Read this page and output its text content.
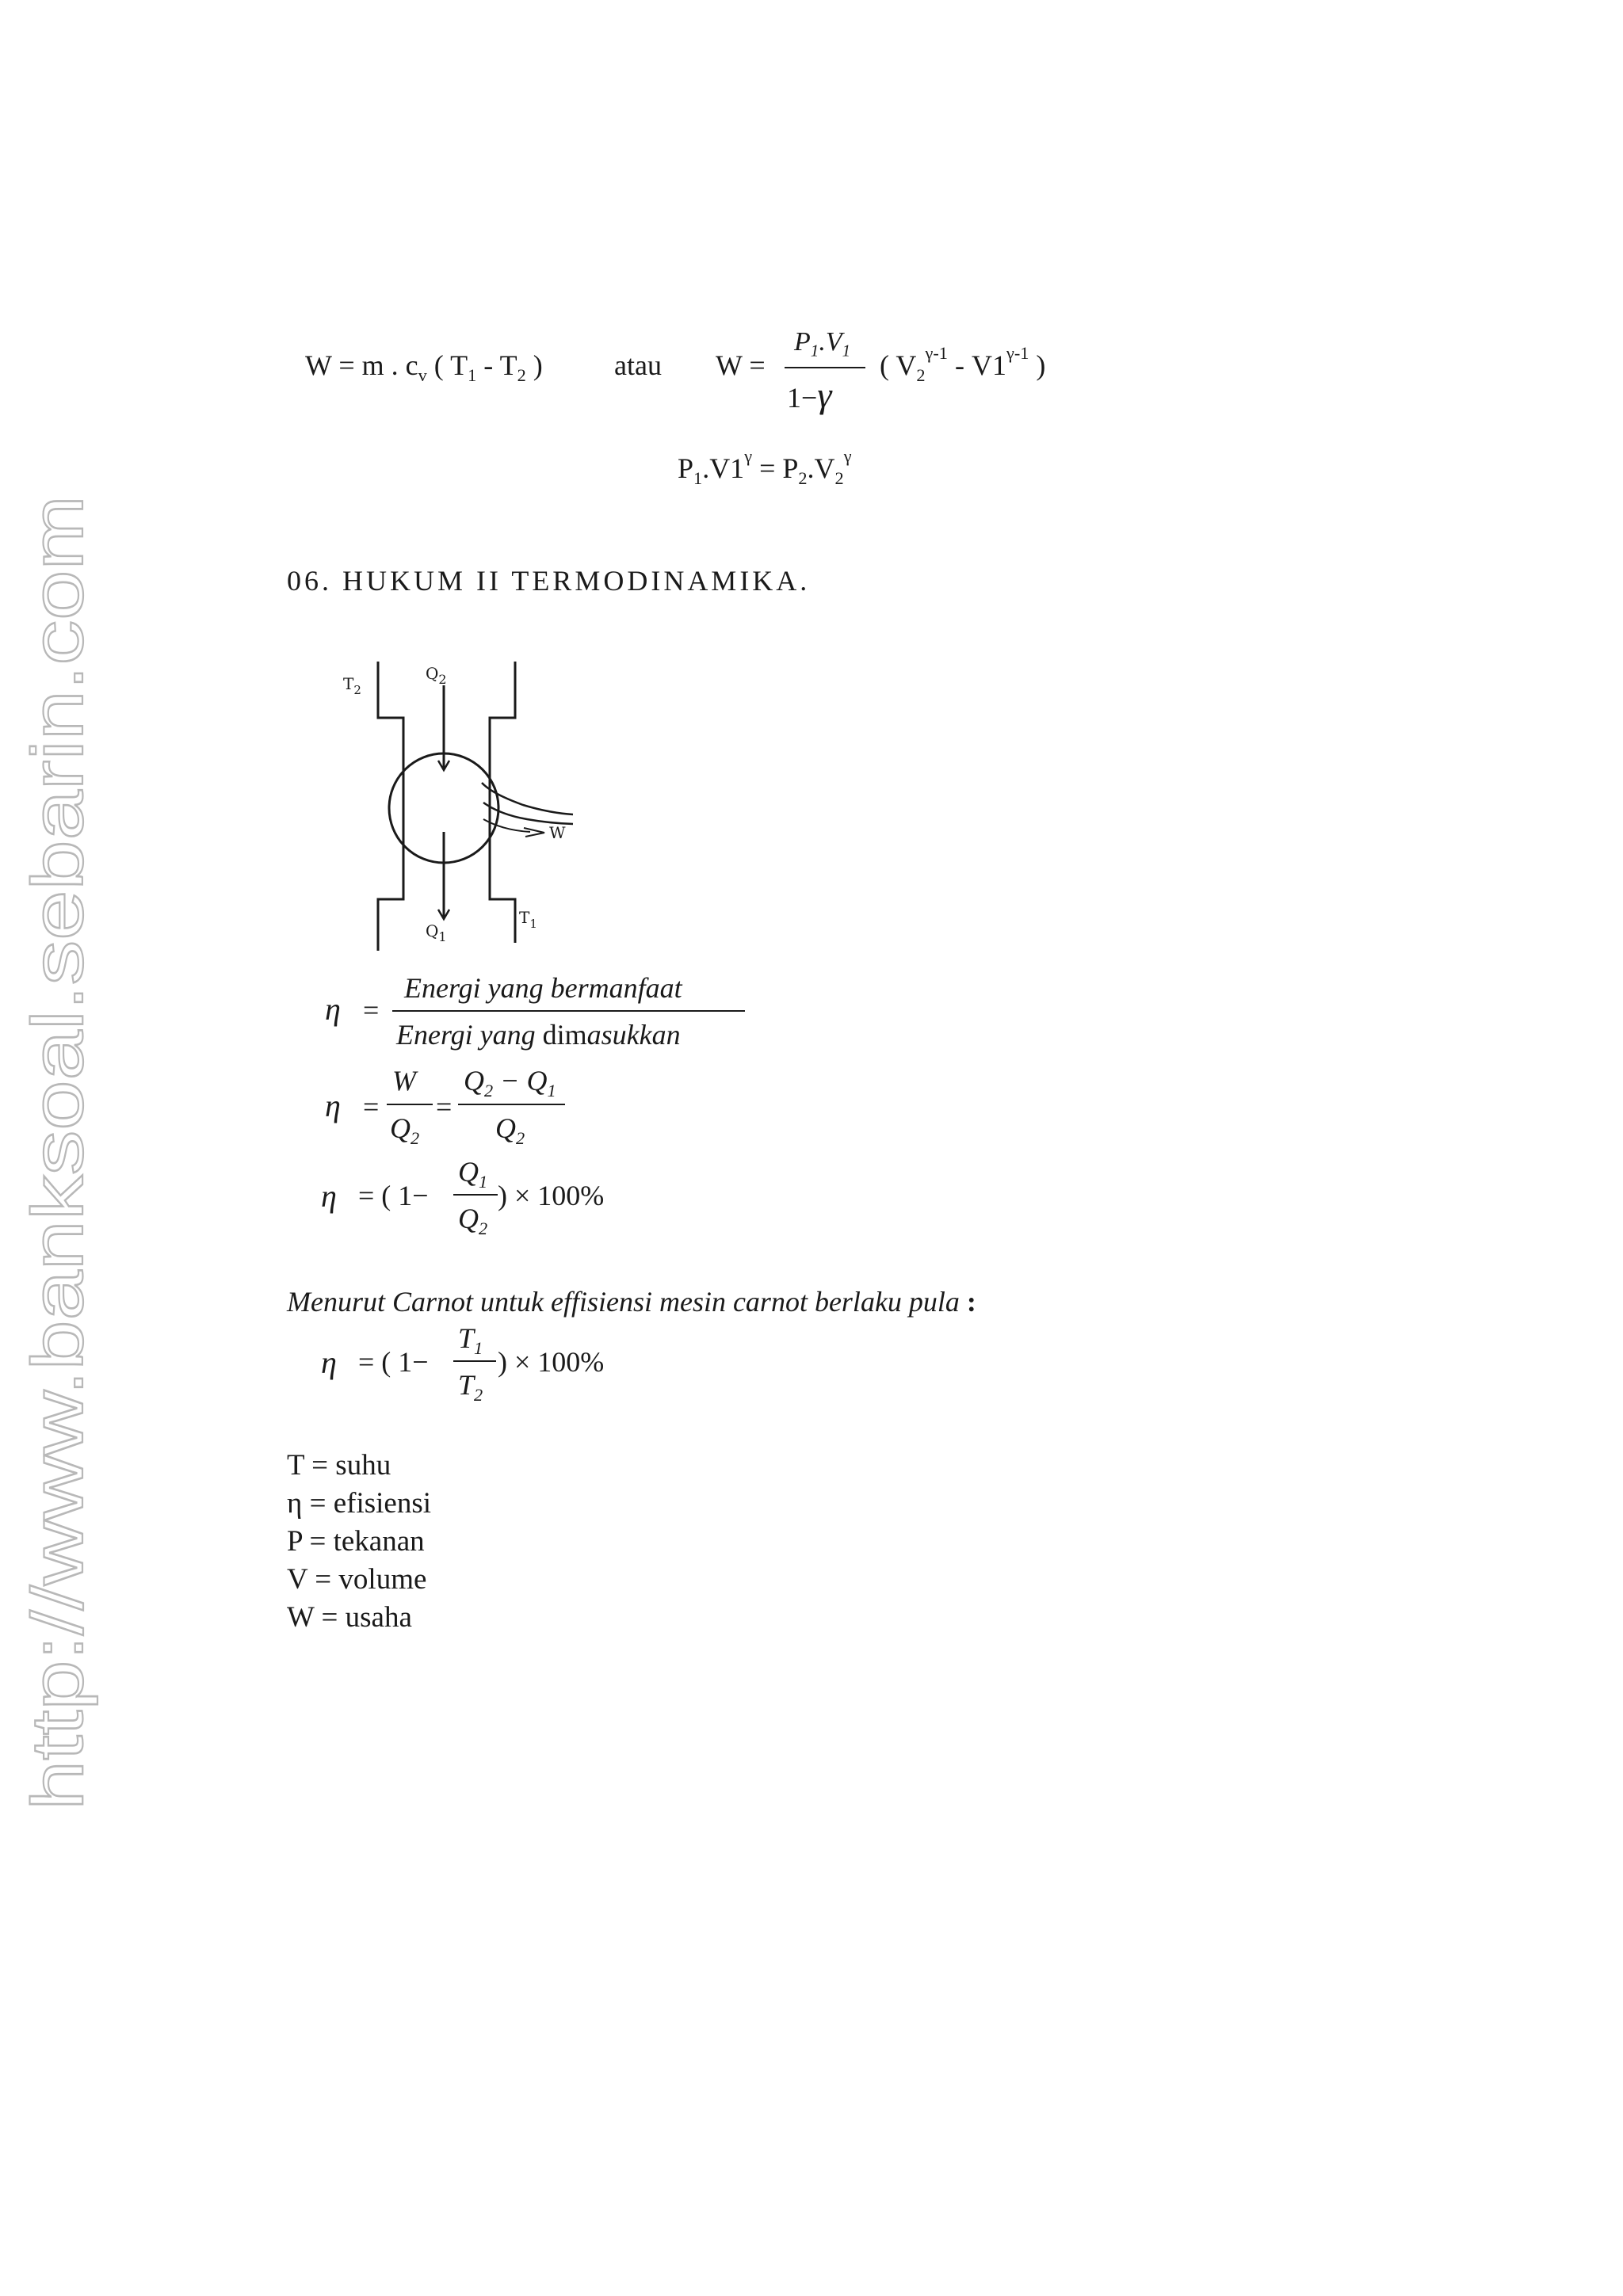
http://www.banksoal.sebarin.com
W = m . $c_v$ ( $T_1 - T_2$ )	atau W =
$P_1.V_1$
1−γ
( $V_2^{\gamma-1} - V1^{\gamma-1}$ )
$P_1.V1^\gamma = P_2.V_2^\gamma$
06. HUKUM II TERMODINAMIKA.
$T_2$
$Q_2$
W
$Q_1$
$T_1$
η =
Energi yang bermanfaat
Energi yang dimasukkan
η =
W
$Q_2$
=
$Q_2 - Q_1$
$Q_2$
η = ( 1−
$Q_1$
$Q_2$
) × 100%
Menurut Carnot untuk effisiensi mesin carnot berlaku pula :
η = ( 1−
$T_1$
$T_2$
) × 100%
T = suhu
η = efisiensi
P = tekanan
V = volume
W = usaha
